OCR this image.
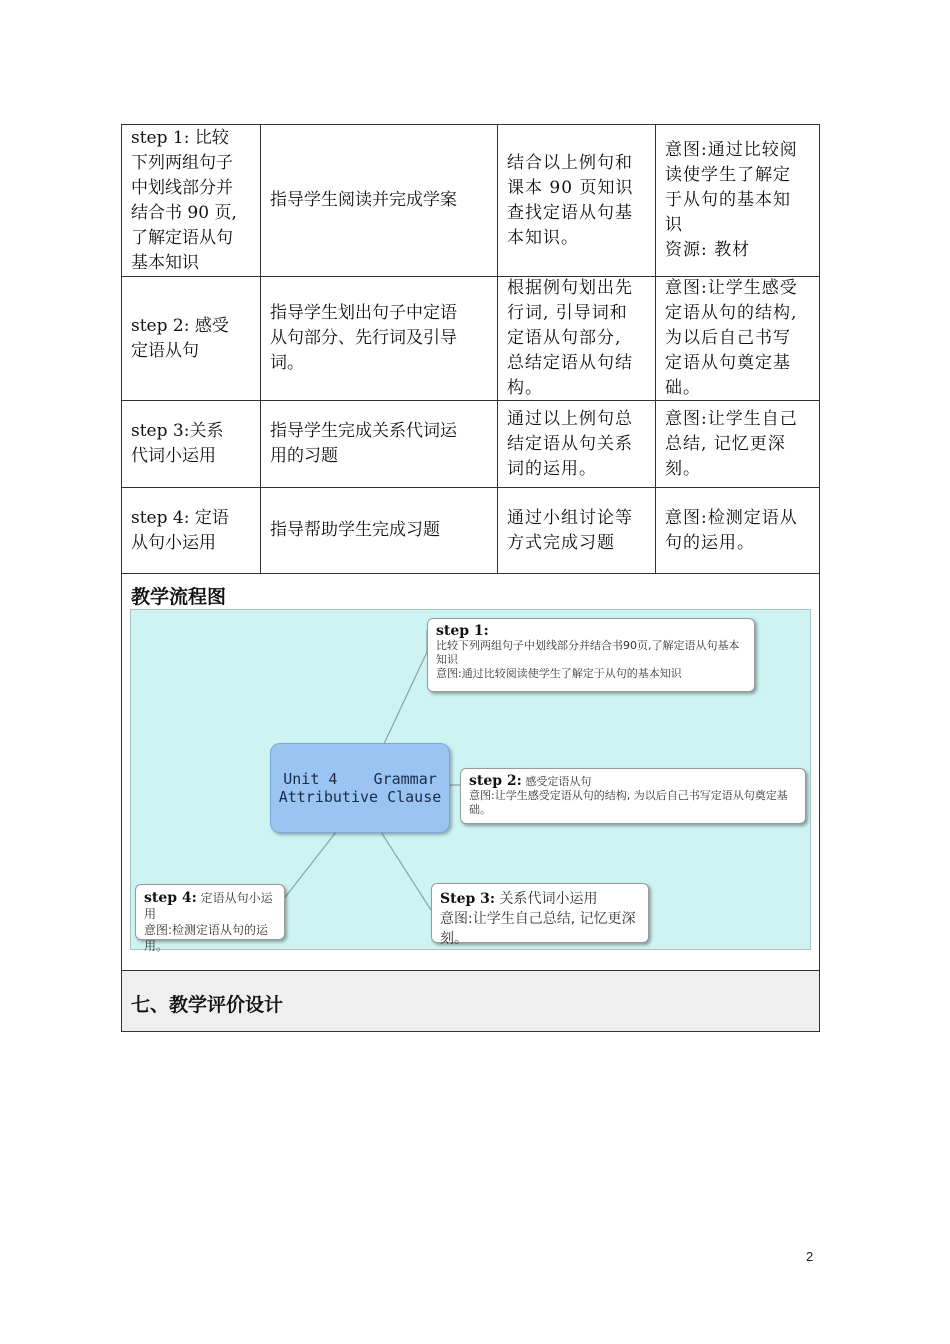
step 1: 比较
下列两组句子
中划线部分并
结合书 90 页,
了解定语从句
基本知识
指导学生阅读并完成学案
结合以上例句和
课本 90 页知识
查找定语从句基
本知识。
意图:通过比较阅
读使学生了解定
于从句的基本知
识
资源: 教材
step 2: 感受
定语从句
指导学生划出句子中定语
从句部分、先行词及引导
词。
根据例句划出先
行词, 引导词和
定语从句部分,
总结定语从句结
构。
意图:让学生感受
定语从句的结构,
为以后自己书写
定语从句奠定基
础。
step 3:关系
代词小运用
指导学生完成关系代词运
用的习题
通过以上例句总
结定语从句关系
词的运用。
意图:让学生自己
总结, 记忆更深
刻。
step 4: 定语
从句小运用
指导帮助学生完成习题
通过小组讨论等
方式完成习题
意图:检测定语从
句的运用。
教学流程图
Unit 4    Grammar
Attributive Clause
step 1:
比较下列两组句子中划线部分并结合书90页,了解定语从句基本知识
意图:通过比较阅读使学生了解定于从句的基本知识
step 2: 感受定语从句
意图:让学生感受定语从句的结构, 为以后自己书写定语从句奠定基础。
Step 3: 关系代词小运用
意图:让学生自己总结, 记忆更深刻。
step 4: 定语从句小运用
意图:检测定语从句的运用。
七、教学评价设计
2
